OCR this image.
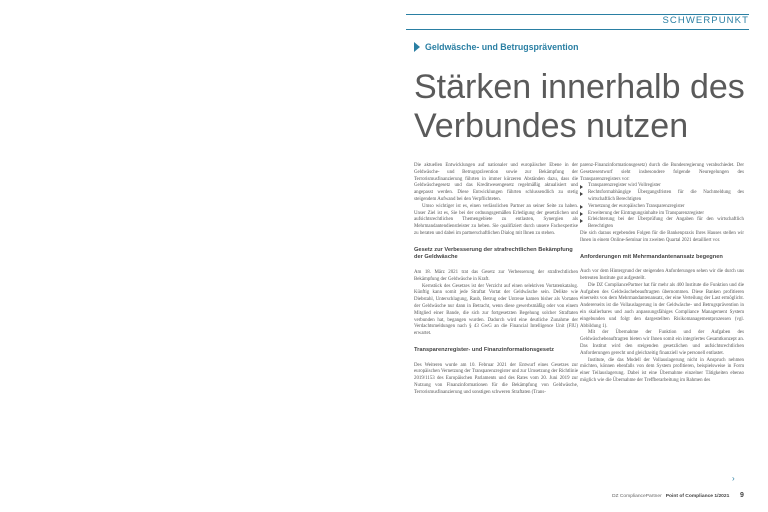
SCHWERPUNKT
Geldwäsche- und Betrugsprävention
Stärken innerhalb des
Verbundes nutzen

Die aktuellen Entwicklungen auf nationaler und europäischer Ebene in der Geldwäsche- und Betrugsprävention sowie zur Bekämpfung der Terrorismusfinanzierung führten in immer kürzeren Abständen dazu, dass die Geldwäschegesetz und das Kreditwesengesetz regelmäßig aktualisiert und angepasst werden. Diese Entwicklungen führten schlussendlich zu stetig steigendem Aufwand bei den Verpflichteten.

Umso wichtiger ist es, einen verlässlichen Partner an seiner Seite zu haben. Unser Ziel ist es, Sie bei der ordnungsgemäßen Erledigung der gesetzlichen und aufsichtsrechtlichen Themengebiete zu entlasten, Synergien als Mehrmandantendienstleister zu heben. Sie qualifiziert durch unsere Fachexpertise zu beraten und dabei im partnerschaftlichen Dialog mit Ihnen zu stehen.

Gesetz zur Verbesserung der strafrechtlichen Bekämpfung der Geldwäsche

Am 18. März 2021 trat das Gesetz zur Verbesserung der strafrechtlichen Bekämpfung der Geldwäsche in Kraft.

Kernstück des Gesetzes ist der Verzicht auf einen selektiven Vortatenkatalog. Künftig kann somit jede Straftat Vortat der Geldwäsche sein. Delikte wie Diebstahl, Unterschlagung, Raub, Betrug oder Untreue kamen bisher als Vortaten der Geldwäsche nur dann in Betracht, wenn diese gewerbsmäßig oder von einem Mitglied einer Bande, die sich zur fortgesetzten Begehung solcher Straftaten verbunden hat, begangen wurden. Dadurch wird eine deutliche Zunahme der Verdachtsmeldungen nach § 43 GwG an die Financial Intelligence Unit (FIU) erwartet.

Transparenzregister- und Finanzinformationsgesetz

Des Weiteren wurde am 10. Februar 2021 der Entwurf eines Gesetzes zur europäischen Vernetzung der Transparenzregister und zur Umsetzung der Richtlinie 2019/1153 des Europäischen Parlaments und des Rates vom 20. Juni 2019 zur Nutzung von Finanzinformationen für die Bekämpfung von Geldwäsche, Terrorismusfinanzierung und sonstigen schweren Straftaten (Trans-

parenz-Finanzinformationsgesetz) durch die Bundesregierung verabschiedet. Der Gesetzesentwurf sieht insbesondere folgende Neuregelungen des Transparenzregisters vor:

Transparenzregister wird Vollregister
Rechtsformabhängige Übergangsfristen für die Nachmeldung des wirtschaftlich Berechtigten
Vernetzung der europäischen Transparenzregister
Erweiterung der Eintragungsinhalte im Transparenzregister
Erleichterung bei der Überprüfung der Angaben für den wirtschaftlich Berechtigten

Die sich daraus ergebenden Folgen für die Bankenpraxis Ihres Hauses stellen wir Ihnen in einem Online-Seminar im zweiten Quartal 2021 detailliert vor.

Anforderungen mit Mehrmandantenansatz begegnen

Auch vor dem Hintergrund der steigenden Anforderungen sehen wir die durch uns betreuten Institute gut aufgestellt.

Die DZ CompliancePartner hat für mehr als 400 Institute die Funktion und die Aufgaben des Geldwäschebeauftragten übernommen. Diese Banken profitieren einerseits von dem Mehrmandantenansatz, der eine Verteilung der Last ermöglicht. Andererseits ist die Vollauslagerung in der Geldwäsche- und Betrugsprävention in ein skalierbares und auch anpassungsfähiges Compliance Management System eingebunden und folgt den dargestellten Risikomanagementprozessen (vgl. Abbildung 1).

Mit der Übernahme der Funktion und der Aufgaben des Geldwäschebeauftragten bieten wir Ihnen somit ein integriertes Gesamtkonzept an. Das Institut wird den steigenden gesetzlichen und aufsichtsrechtlichen Anforderungen gerecht und gleichzeitig finanziell wie personell entlastet.

Institute, die das Modell der Vollauslagerung nicht in Anspruch nehmen möchten, können ebenfalls von dem System profitieren, beispielsweise in Form einer Teilauslagerung. Dabei ist eine Übernahme einzelner Tätigkeiten ebenso möglich wie die Übernahme der Treffberarbeitung im Rahmen des

›
DZ CompliancePartner Point of Compliance 1/2021 9
